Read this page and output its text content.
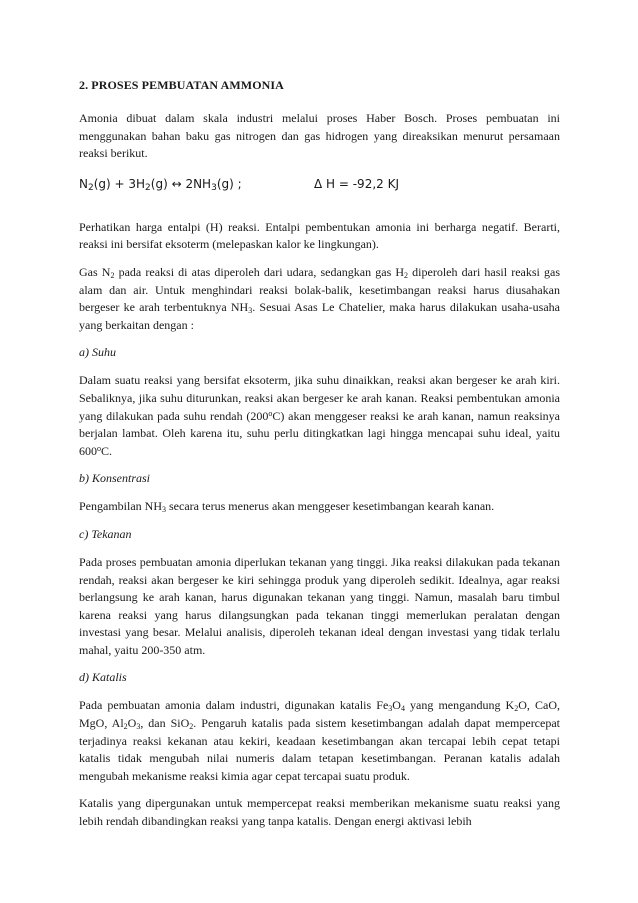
2. PROSES PEMBUATAN AMMONIA

Amonia dibuat dalam skala industri melalui proses Haber Bosch. Proses pembuatan ini menggunakan bahan baku gas nitrogen dan gas hidrogen yang direaksikan menurut persamaan reaksi berikut.

$N_2(g) + 3H_2(g)$ ↔ $2NH_3(g)$ ;	Δ H = -92,2 KJ

Perhatikan harga entalpi (H) reaksi. Entalpi pembentukan amonia ini berharga negatif. Berarti, reaksi ini bersifat eksoterm (melepaskan kalor ke lingkungan).

Gas $N_2$ pada reaksi di atas diperoleh dari udara, sedangkan gas $H_2$ diperoleh dari hasil reaksi gas alam dan air. Untuk menghindari reaksi bolak-balik, kesetimbangan reaksi harus diusahakan bergeser ke arah terbentuknya $NH_3$. Sesuai Asas Le Chatelier, maka harus dilakukan usaha-usaha yang berkaitan dengan :

a) Suhu

Dalam suatu reaksi yang bersifat eksoterm, jika suhu dinaikkan, reaksi akan bergeser ke arah kiri. Sebaliknya, jika suhu diturunkan, reaksi akan bergeser ke arah kanan. Reaksi pembentukan amonia yang dilakukan pada suhu rendah (200$^o$C) akan menggeser reaksi ke arah kanan, namun reaksinya berjalan lambat. Oleh karena itu, suhu perlu ditingkatkan lagi hingga mencapai suhu ideal, yaitu 600$^o$C.

b) Konsentrasi

Pengambilan $NH_3$ secara terus menerus akan menggeser kesetimbangan kearah kanan.

c) Tekanan

Pada proses pembuatan amonia diperlukan tekanan yang tinggi. Jika reaksi dilakukan pada tekanan rendah, reaksi akan bergeser ke kiri sehingga produk yang diperoleh sedikit. Idealnya, agar reaksi berlangsung ke arah kanan, harus digunakan tekanan yang tinggi. Namun, masalah baru timbul karena reaksi yang harus dilangsungkan pada tekanan tinggi memerlukan peralatan dengan investasi yang besar. Melalui analisis, diperoleh tekanan ideal dengan investasi yang tidak terlalu mahal, yaitu 200-350 atm.

d) Katalis

Pada pembuatan amonia dalam industri, digunakan katalis $Fe_3O_4$ yang mengandung $K_2O$, CaO, MgO, $Al_2O_3$, dan SiO$_2$. Pengaruh katalis pada sistem kesetimbangan adalah dapat mempercepat terjadinya reaksi kekanan atau kekiri, keadaan kesetimbangan akan tercapai lebih cepat tetapi katalis tidak mengubah nilai numeris dalam tetapan kesetimbangan. Peranan katalis adalah mengubah mekanisme reaksi kimia agar cepat tercapai suatu produk.

Katalis yang dipergunakan untuk mempercepat reaksi memberikan mekanisme suatu reaksi yang lebih rendah dibandingkan reaksi yang tanpa katalis. Dengan energi aktivasi lebih
